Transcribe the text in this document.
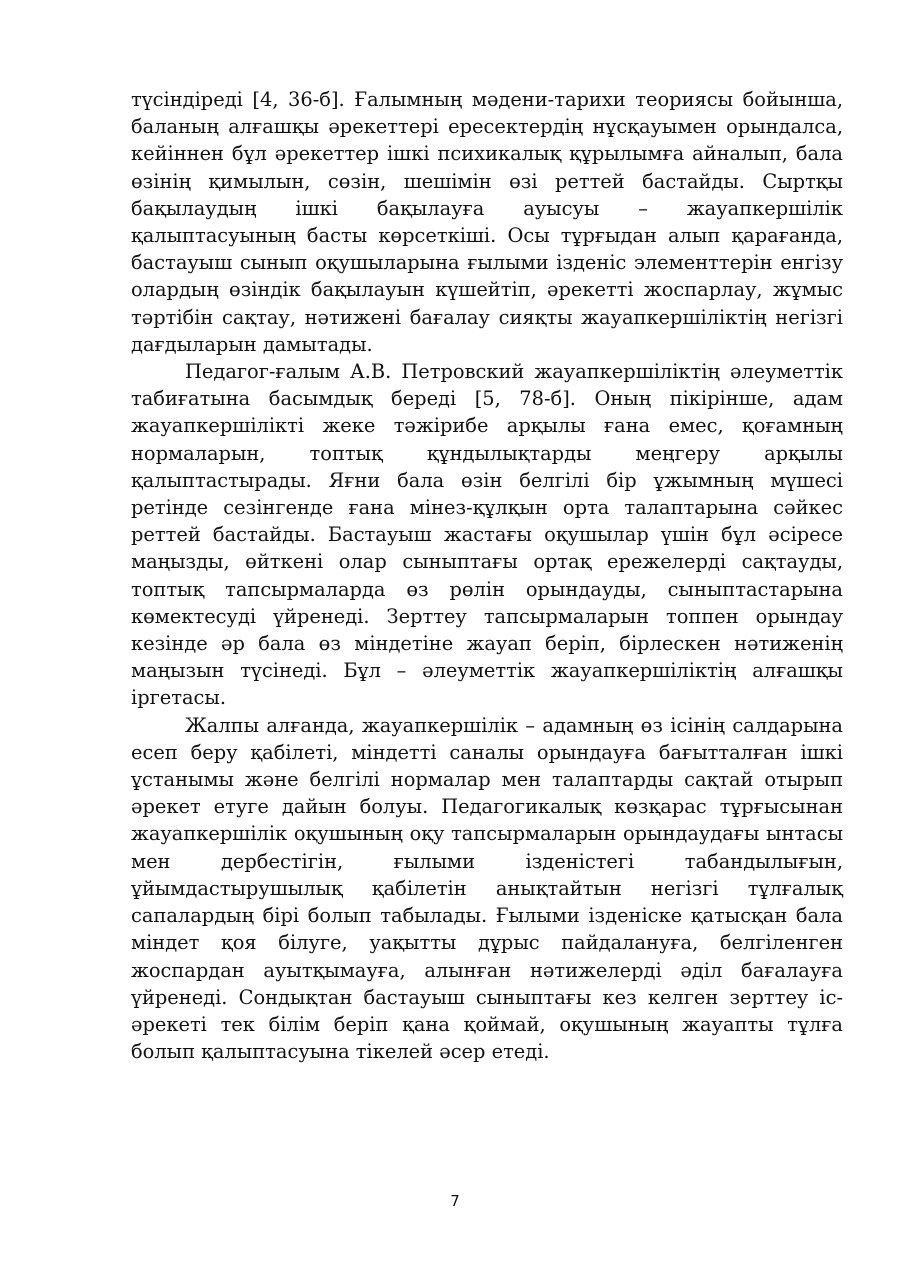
түсіндіреді [4, 36-б]. Ғалымның мәдени-тарихи теориясы бойынша, баланың алғашқы әрекеттері ересектердің нұсқауымен орындалса, кейіннен бұл әрекеттер ішкі психикалық құрылымға айналып, бала өзінің қимылын, сөзін, шешімін өзі реттей бастайды. Сыртқы бақылаудың ішкі бақылауға ауысуы – жауапкершілік қалыптасуының басты көрсеткіші. Осы тұрғыдан алып қарағанда, бастауыш сынып оқушыларына ғылыми ізденіс элементтерін енгізу олардың өзіндік бақылауын күшейтіп, әрекетті жоспарлау, жұмыс тәртібін сақтау, нәтижені бағалау сияқты жауапкершіліктің негізгі дағдыларын дамытады.

Педагог-ғалым А.В. Петровский жауапкершіліктің әлеуметтік табиғатына басымдық береді [5, 78-б]. Оның пікірінше, адам жауапкершілікті жеке тәжірибе арқылы ғана емес, қоғамның нормаларын, топтық құндылықтарды меңгеру арқылы қалыптастырады. Яғни бала өзін белгілі бір ұжымның мүшесі ретінде сезінгенде ғана мінез-құлқын орта талаптарына сәйкес реттей бастайды. Бастауыш жастағы оқушылар үшін бұл әсіресе маңызды, өйткені олар сыныптағы ортақ ережелерді сақтауды, топтық тапсырмаларда өз рөлін орындауды, сыныптастарына көмектесуді үйренеді. Зерттеу тапсырмаларын топпен орындау кезінде әр бала өз міндетіне жауап беріп, бірлескен нәтиженің маңызын түсінеді. Бұл – әлеуметтік жауапкершіліктің алғашқы іргетасы.

Жалпы алғанда, жауапкершілік – адамның өз ісінің салдарына есеп беру қабілеті, міндетті саналы орындауға бағытталған ішкі ұстанымы және белгілі нормалар мен талаптарды сақтай отырып әрекет етуге дайын болуы. Педагогикалық көзқарас тұрғысынан жауапкершілік оқушының оқу тапсырмаларын орындаудағы ынтасы мен дербестігін, ғылыми ізденістегі табандылығын, ұйымдастырушылық қабілетін анықтайтын негізгі тұлғалық сапалардың бірі болып табылады. Ғылыми ізденіске қатысқан бала міндет қоя білуге, уақытты дұрыс пайдалануға, белгіленген жоспардан ауытқымауға, алынған нәтижелерді әділ бағалауға үйренеді. Сондықтан бастауыш сыныптағы кез келген зерттеу іс-әрекеті тек білім беріп қана қоймай, оқушының жауапты тұлға болып қалыптасуына тікелей әсер етеді.

7
